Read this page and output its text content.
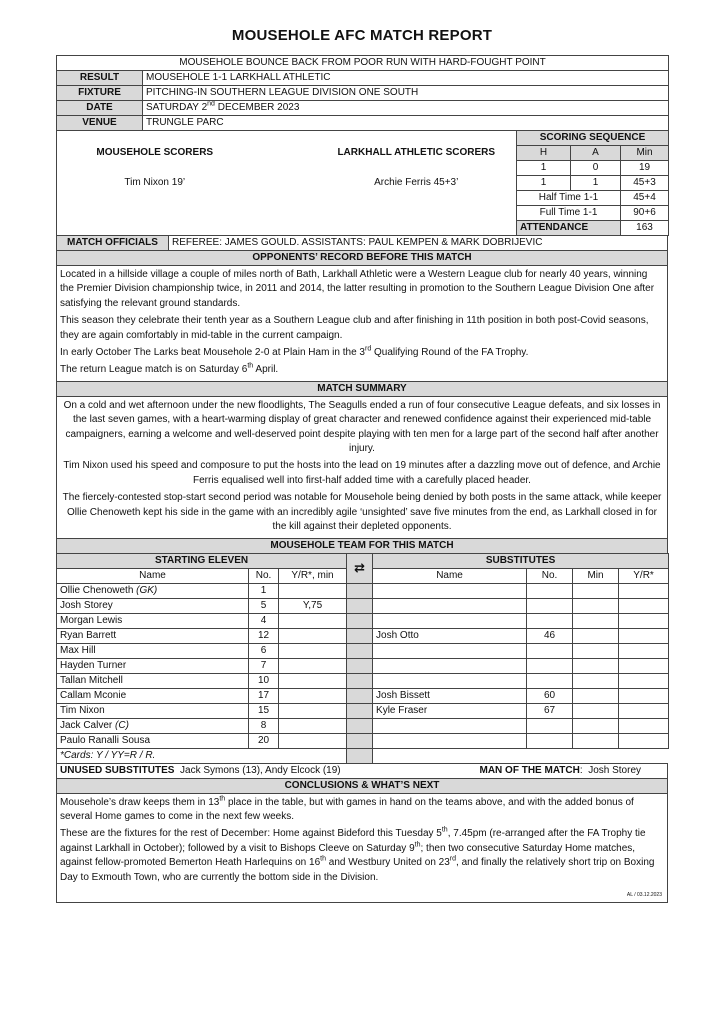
MOUSEHOLE AFC MATCH REPORT
MOUSEHOLE BOUNCE BACK FROM POOR RUN WITH HARD-FOUGHT POINT						
RESULT	MOUSEHOLE 1-1 LARKHALL ATHLETIC					
FIXTURE	PITCHING-IN SOUTHERN LEAGUE DIVISION ONE SOUTH					
DATE	SATURDAY 2nd DECEMBER 2023					
VENUE	TRUNGLE PARC					
				SCORING SEQUENCE		
MOUSEHOLE SCORERS			LARKHALL ATHLETIC SCORERS	H	A	Min
				1	0	19
Tim Nixon 19’			Archie Ferris 45+3’	1	1	45+3
				Half Time 1-1		45+4
				Full Time 1-1		90+6
				ATTENDANCE		163
MATCH OFFICIALS	REFEREE: JAMES GOULD. ASSISTANTS: PAUL KEMPEN & MARK DOBRIJEVIC
OPPONENTS’ RECORD BEFORE THIS MATCH

Located in a hillside village a couple of miles north of Bath, Larkhall Athletic were a Western League club for nearly 40 years, winning the Premier Division championship twice, in 2011 and 2014, the latter resulting in promotion to the Southern League Division One after satisfying the relevant ground standards.

This season they celebrate their tenth year as a Southern League club and after finishing in 11th position in both post-Covid seasons, they are again comfortably in mid-table in the current campaign.

In early October The Larks beat Mousehole 2-0 at Plain Ham in the 3rd Qualifying Round of the FA Trophy.

The return League match is on Saturday 6th April.

MATCH SUMMARY

On a cold and wet afternoon under the new floodlights, The Seagulls ended a run of four consecutive League defeats, and six losses in the last seven games, with a heart-warming display of great character and renewed confidence against their experienced mid-table campaigners, earning a welcome and well-deserved point despite playing with ten men for a large part of the second half after another injury.

Tim Nixon used his speed and composure to put the hosts into the lead on 19 minutes after a dazzling move out of defence, and Archie Ferris equalised well into first-half added time with a carefully placed header.

The fiercely-contested stop-start second period was notable for Mousehole being denied by both posts in the same attack, while keeper Ollie Chenoweth kept his side in the game with an incredibly agile ‘unsighted’ save five minutes from the end, as Larkhall closed in for the kill against their depleted opponents.

MOUSEHOLE TEAM FOR THIS MATCH
STARTING ELEVEN			⇄	SUBSTITUTES			
Name	No.	Y/R*, min		Name	No.	Min	Y/R*
Ollie Chenoweth (GK)	1						
Josh Storey	5	Y,75					
Morgan Lewis	4						
Ryan Barrett	12			Josh Otto	46		
Max Hill	6						
Hayden Turner	7						
Tallan Mitchell	10						
Callam Mconie	17			Josh Bissett	60		
Tim Nixon	15			Kyle Fraser	67		
Jack Calver (C)	8						
Paulo Ranalli Sousa	20						
*Cards: Y / YY=R / R.							
UNUSED SUBSTITUTES Jack Symons (13), Andy Elcock (19)	MAN OF THE MATCH:  Josh Storey
CONCLUSIONS & WHAT’S NEXT

Mousehole’s draw keeps them in 13th place in the table, but with games in hand on the teams above, and with the added bonus of several Home games to come in the next few weeks.

These are the fixtures for the rest of December: Home against Bideford this Tuesday 5th, 7.45pm (re-arranged after the FA Trophy tie against Larkhall in October); followed by a visit to Bishops Cleeve on Saturday 9th; then two consecutive Saturday Home matches, against fellow-promoted Bemerton Heath Harlequins on 16th and Westbury United on 23rd, and finally the relatively short trip on Boxing Day to Exmouth Town, who are currently the bottom side in the Division.

AL / 03.12.2023
